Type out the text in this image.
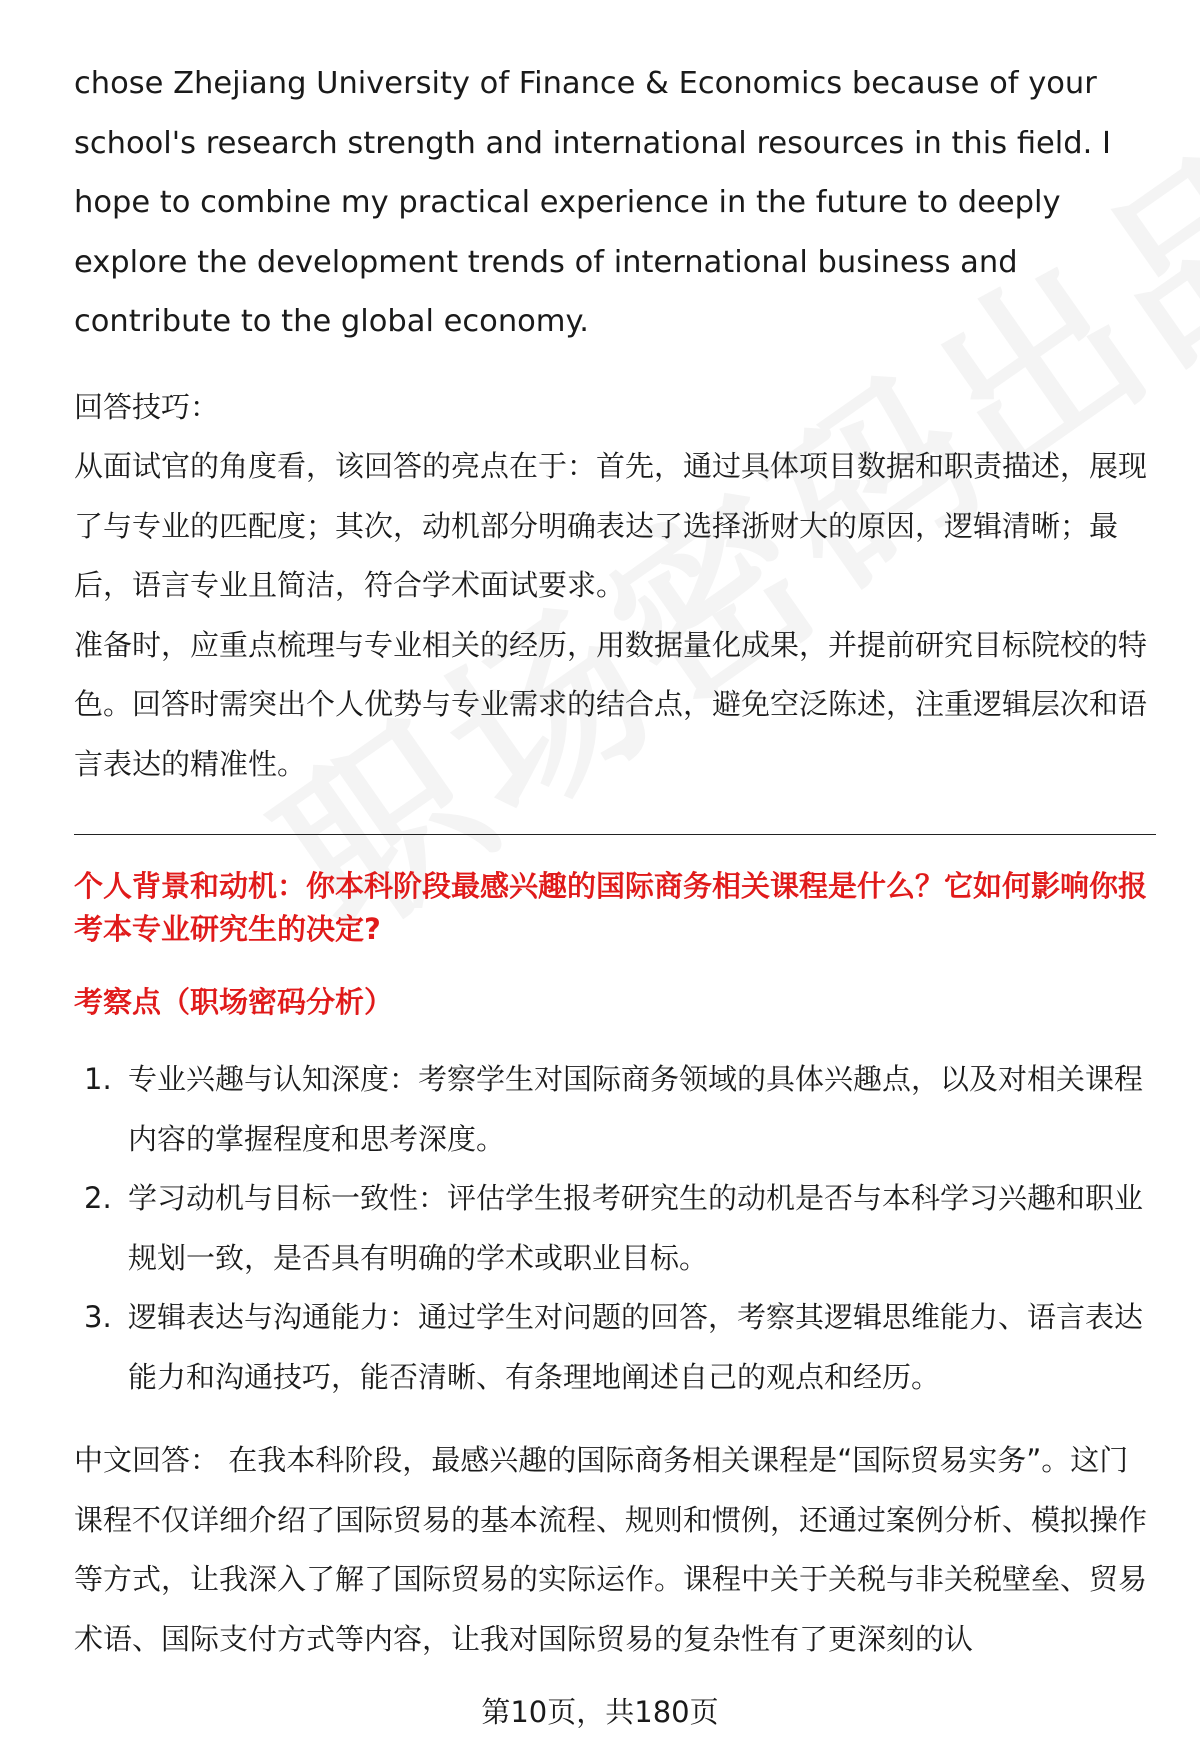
chose Zhejiang University of Finance & Economics because of your school's research strength and international resources in this field. I hope to combine my practical experience in the future to deeply explore the development trends of international business and contribute to the global economy.

回答技巧：

从面试官的角度看，该回答的亮点在于：首先，通过具体项目数据和职责描述，展现了与专业的匹配度；其次，动机部分明确表达了选择浙财大的原因，逻辑清晰；最后，语言专业且简洁，符合学术面试要求。

准备时，应重点梳理与专业相关的经历，用数据量化成果，并提前研究目标院校的特色。回答时需突出个人优势与专业需求的结合点，避免空泛陈述，注重逻辑层次和语言表达的精准性。

个人背景和动机：你本科阶段最感兴趣的国际商务相关课程是什么？它如何影响你报考本专业研究生的决定?

考察点（职场密码分析）

1. 专业兴趣与认知深度：考察学生对国际商务领域的具体兴趣点，以及对相关课程内容的掌握程度和思考深度。
2. 学习动机与目标一致性：评估学生报考研究生的动机是否与本科学习兴趣和职业规划一致，是否具有明确的学术或职业目标。
3. 逻辑表达与沟通能力：通过学生对问题的回答，考察其逻辑思维能力、语言表达能力和沟通技巧，能否清晰、有条理地阐述自己的观点和经历。

中文回答： 在我本科阶段，最感兴趣的国际商务相关课程是“国际贸易实务”。这门课程不仅详细介绍了国际贸易的基本流程、规则和惯例，还通过案例分析、模拟操作等方式，让我深入了解了国际贸易的实际运作。课程中关于关税与非关税壁垒、贸易术语、国际支付方式等内容，让我对国际贸易的复杂性有了更深刻的认

第10页，共180页
